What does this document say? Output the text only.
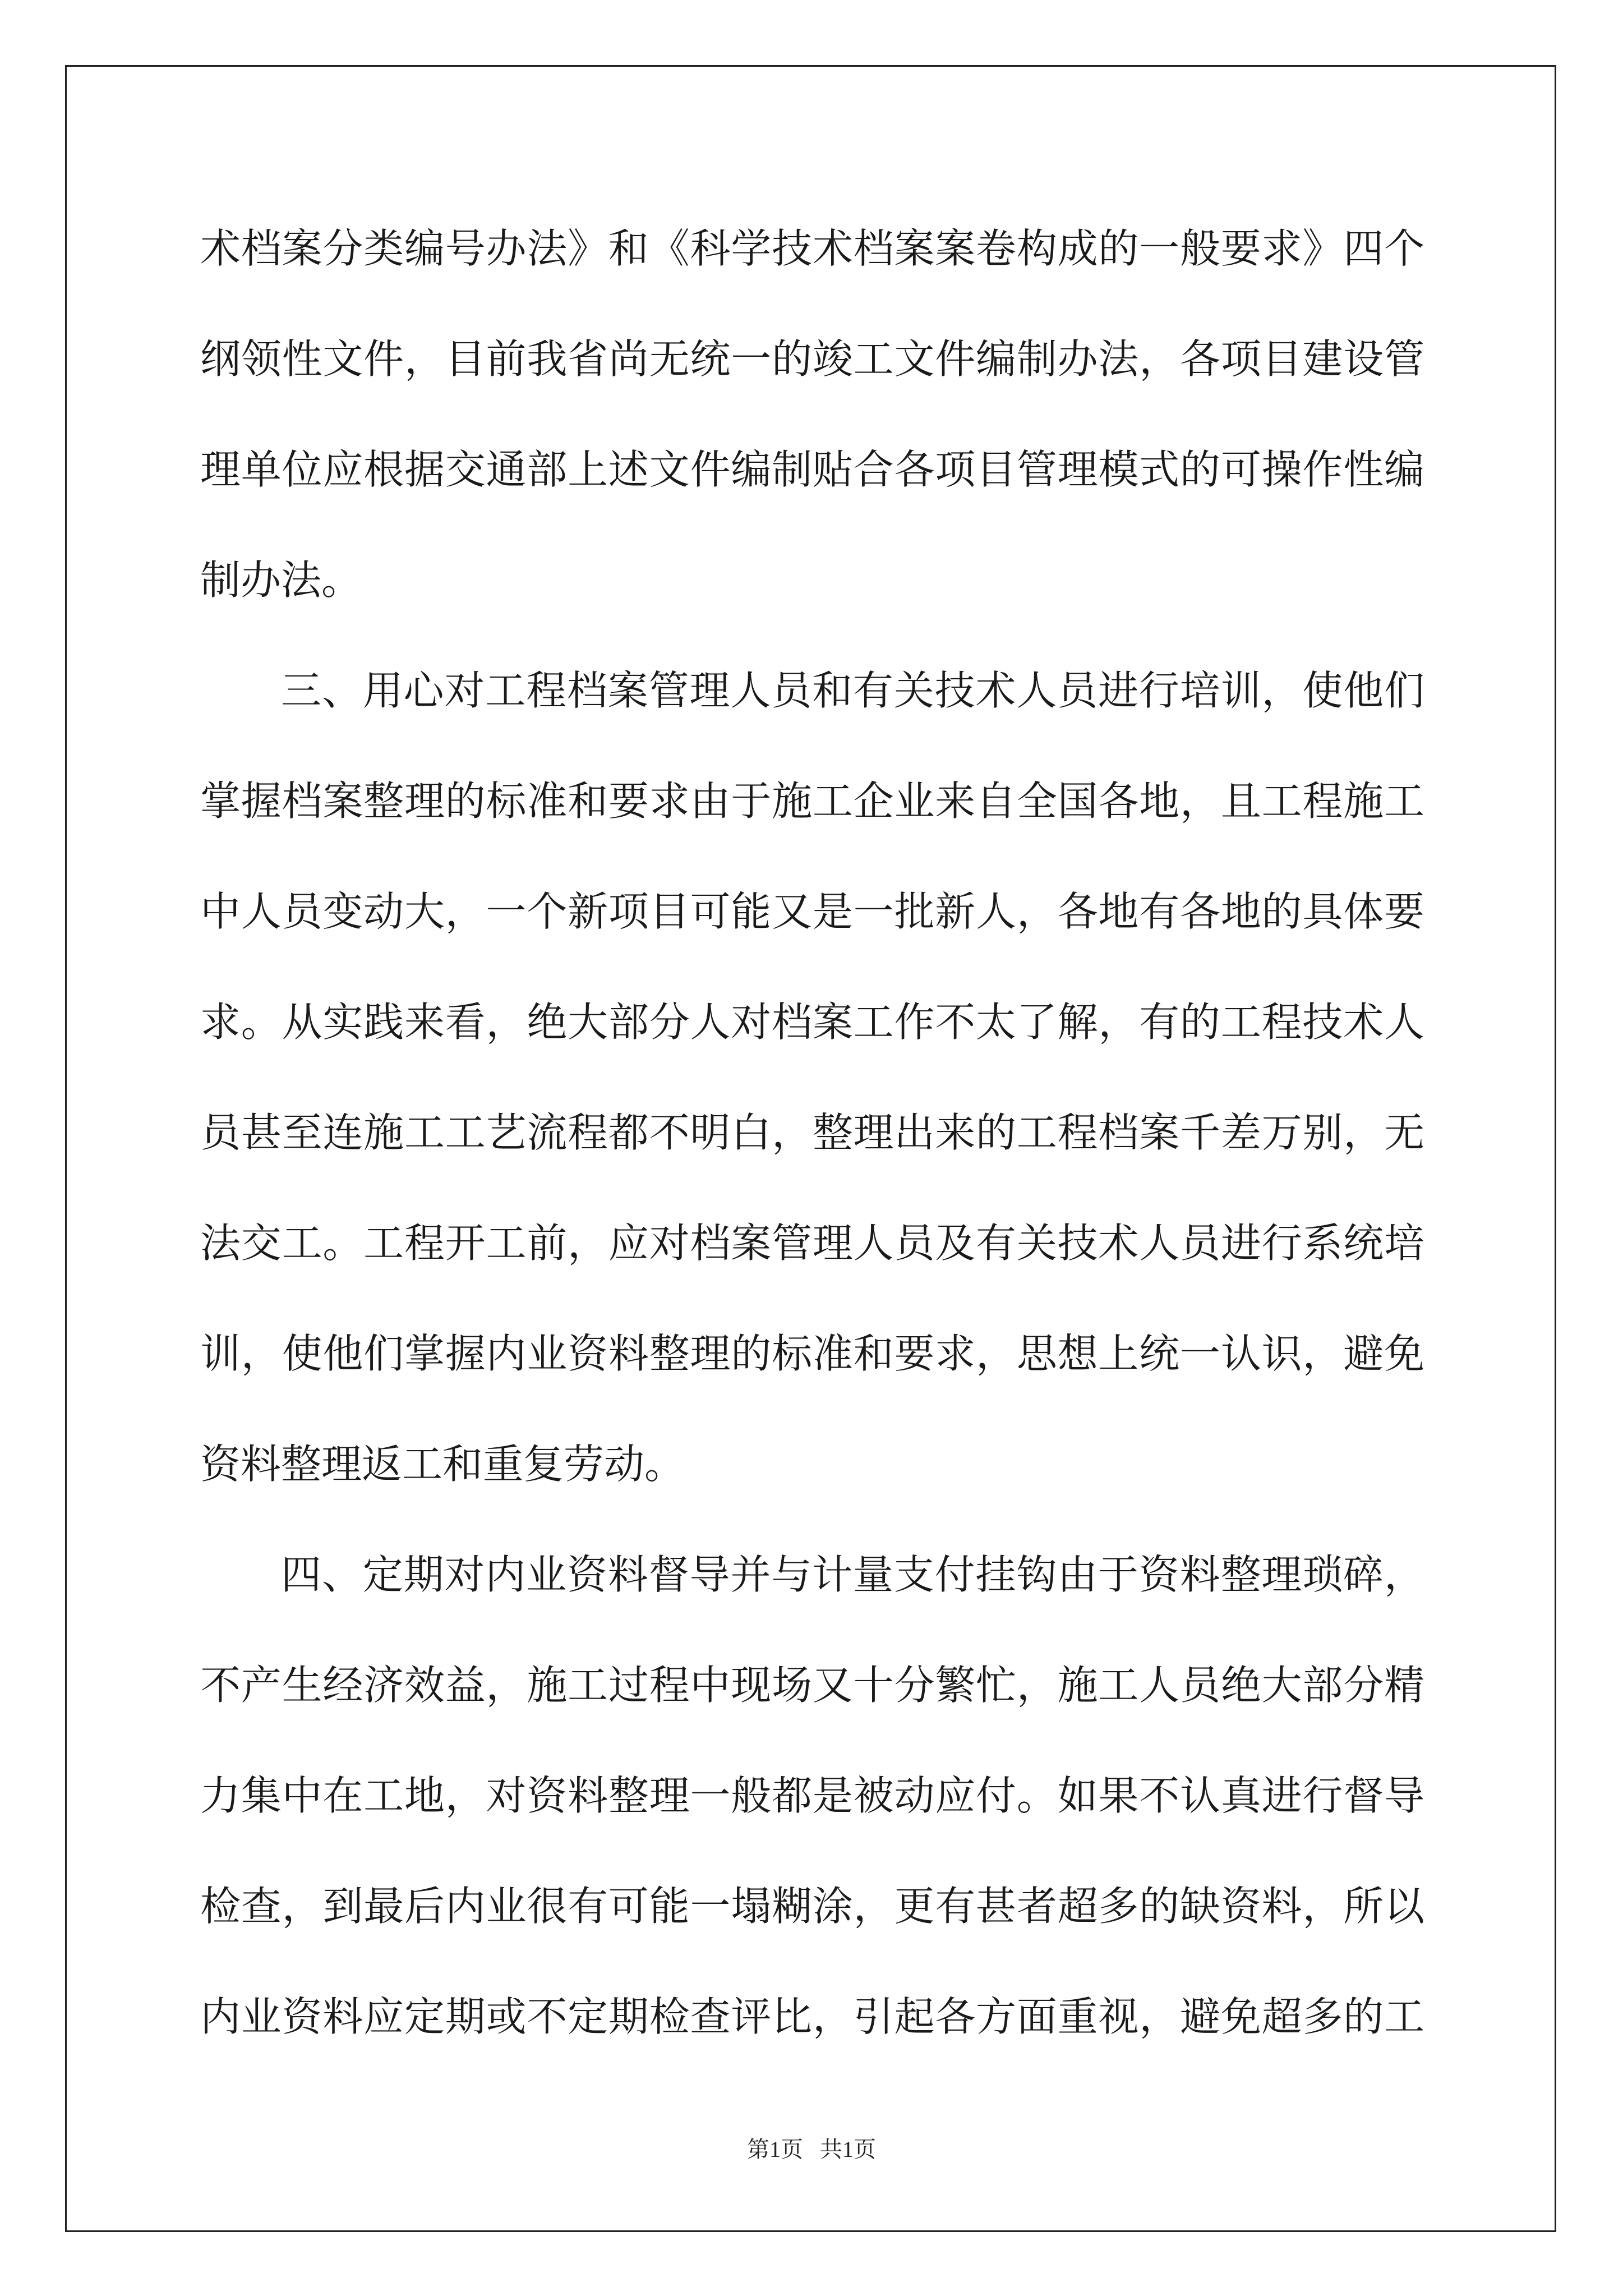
术档案分类编号办法》和《科学技术档案案卷构成的一般要求》四个
纲领性文件，目前我省尚无统一的竣工文件编制办法，各项目建设管
理单位应根据交通部上述文件编制贴合各项目管理模式的可操作性编
制办法。
三、用心对工程档案管理人员和有关技术人员进行培训，使他们
掌握档案整理的标准和要求由于施工企业来自全国各地，且工程施工
中人员变动大，一个新项目可能又是一批新人，各地有各地的具体要
求。从实践来看，绝大部分人对档案工作不太了解，有的工程技术人
员甚至连施工工艺流程都不明白，整理出来的工程档案千差万别，无
法交工。工程开工前，应对档案管理人员及有关技术人员进行系统培
训，使他们掌握内业资料整理的标准和要求，思想上统一认识，避免
资料整理返工和重复劳动。
四、定期对内业资料督导并与计量支付挂钩由于资料整理琐碎，
不产生经济效益，施工过程中现场又十分繁忙，施工人员绝大部分精
力集中在工地，对资料整理一般都是被动应付。如果不认真进行督导
检查，到最后内业很有可能一塌糊涂，更有甚者超多的缺资料，所以
内业资料应定期或不定期检查评比，引起各方面重视，避免超多的工
第1页   共1页
